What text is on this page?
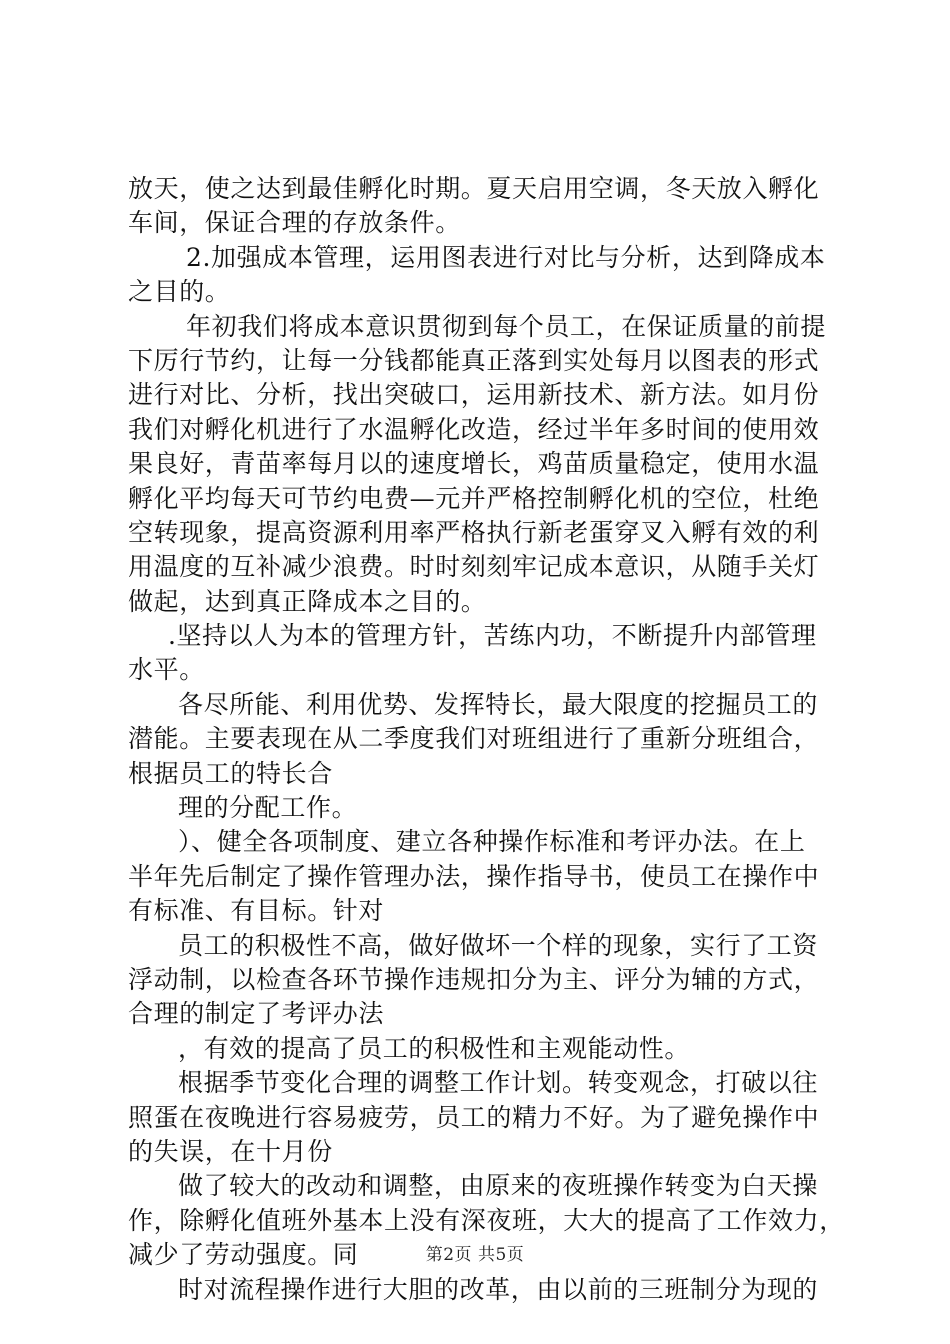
放天，使之达到最佳孵化时期。夏天启用空调，冬天放入孵化
车间，保证合理的存放条件。
2.加强成本管理，运用图表进行对比与分析，达到降成本
之目的。
年初我们将成本意识贯彻到每个员工，在保证质量的前提
下厉行节约，让每一分钱都能真正落到实处每月以图表的形式
进行对比、分析，找出突破口，运用新技术、新方法。如月份
我们对孵化机进行了水温孵化改造，经过半年多时间的使用效
果良好，青苗率每月以的速度增长，鸡苗质量稳定，使用水温
孵化平均每天可节约电费—元并严格控制孵化机的空位，杜绝
空转现象，提高资源利用率严格执行新老蛋穿叉入孵有效的利
用温度的互补减少浪费。时时刻刻牢记成本意识，从随手关灯
做起，达到真正降成本之目的。
.坚持以人为本的管理方针，苦练内功，不断提升内部管理
水平。
各尽所能、利用优势、发挥特长，最大限度的挖掘员工的
潜能。主要表现在从二季度我们对班组进行了重新分班组合，
根据员工的特长合
理的分配工作。
）、健全各项制度、建立各种操作标准和考评办法。在上
半年先后制定了操作管理办法，操作指导书，使员工在操作中
有标准、有目标。针对
员工的积极性不高，做好做坏一个样的现象，实行了工资
浮动制，以检查各环节操作违规扣分为主、评分为辅的方式，
合理的制定了考评办法
，有效的提高了员工的积极性和主观能动性。
根据季节变化合理的调整工作计划。转变观念，打破以往
照蛋在夜晚进行容易疲劳，员工的精力不好。为了避免操作中
的失误，在十月份
做了较大的改动和调整，由原来的夜班操作转变为白天操
作，除孵化值班外基本上没有深夜班，大大的提高了工作效力，
减少了劳动强度。同
时对流程操作进行大胆的改革，由以前的三班制分为现的
第2页 共5页
